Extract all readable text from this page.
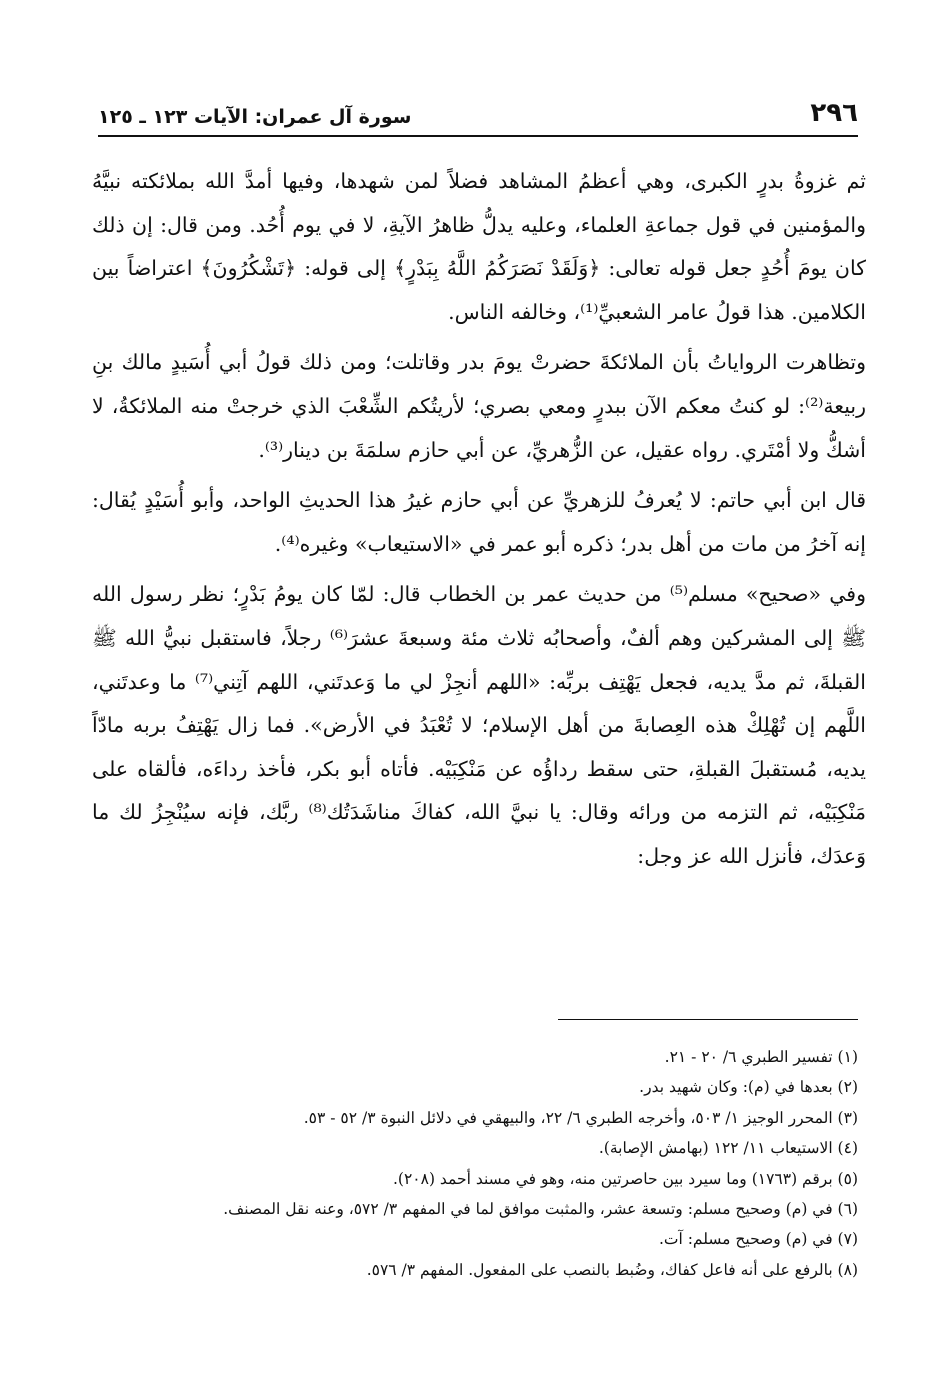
٢٩٦
سورة آل عمران: الآيات ١٢٣ ـ ١٢٥

ثم غزوةُ بدرٍ الكبرى، وهي أعظمُ المشاهد فضلاً لمن شهدها، وفيها أمدَّ الله بملائكته نبيَّهُ والمؤمنين في قول جماعةِ العلماء، وعليه يدلُّ ظاهرُ الآيةِ، لا في يوم أُحُد. ومن قال: إن ذلك كان يومَ أُحُدٍ جعل قوله تعالى: ﴿وَلَقَدْ نَصَرَكُمُ اللَّهُ بِبَدْرٍ﴾ إلى قوله: ﴿تَشْكُرُونَ﴾ اعتراضاً بين الكلامين. هذا قولُ عامر الشعبيِّ⁽¹⁾، وخالفه الناس.

وتظاهرت الرواياتُ بأن الملائكةَ حضرتْ يومَ بدر وقاتلت؛ ومن ذلك قولُ أبي أُسَيدٍ مالك بنِ ربيعة⁽²⁾: لو كنتُ معكم الآن ببدرٍ ومعي بصري؛ لأريتُكم الشِّعْبَ الذي خرجتْ منه الملائكةُ، لا أشكُّ ولا أمْتَري. رواه عقيل، عن الزُّهريِّ، عن أبي حازم سلمَةَ بن دينار⁽³⁾.

قال ابن أبي حاتم: لا يُعرفُ للزهريِّ عن أبي حازم غيرُ هذا الحديثِ الواحد، وأبو أُسَيْدٍ يُقال: إنه آخرُ من مات من أهل بدر؛ ذكره أبو عمر في «الاستيعاب» وغيره⁽⁴⁾.

وفي «صحيح» مسلم⁽⁵⁾ من حديث عمر بن الخطاب قال: لمّا كان يومُ بَدْرٍ؛ نظر رسول الله ﷺ إلى المشركين وهم ألفٌ، وأصحابُه ثلاث مئة وسبعةَ عشرَ⁽⁶⁾ رجلاً، فاستقبل نبيُّ الله ﷺ القبلةَ، ثم مدَّ يديه، فجعل يَهْتِف بربِّه: «اللهم أنجِزْ لي ما وَعدتَني، اللهم آتِني⁽⁷⁾ ما وعدتَني، اللَّهم إن تُهْلِكْ هذه العِصابةَ من أهل الإسلام؛ لا تُعْبَدُ في الأرض». فما زال يَهْتِفُ بربه مادّاً يديه، مُستقبلَ القبلةِ، حتى سقط رداؤُه عن مَنْكِبَيْه. فأتاه أبو بكر، فأخذ رداءَه، فألقاه على مَنْكِبَيْه، ثم التزمه من ورائه وقال: يا نبيَّ الله، كفاكَ مناشَدَتُك⁽⁸⁾ ربَّك، فإنه سيُنْجِزُ لك ما وَعدَك، فأنزل الله عز وجل:

(١) تفسير الطبري ٦/ ٢٠ - ٢١.

(٢) بعدها في (م): وكان شهيد بدر.

(٣) المحرر الوجيز ١/ ٥٠٣، وأخرجه الطبري ٦/ ٢٢، والبيهقي في دلائل النبوة ٣/ ٥٢ - ٥٣.

(٤) الاستيعاب ١١/ ١٢٢ (بهامش الإصابة).

(٥) برقم (١٧٦٣) وما سيرد بين حاصرتين منه، وهو في مسند أحمد (٢٠٨).

(٦) في (م) وصحيح مسلم: وتسعة عشر، والمثبت موافق لما في المفهم ٣/ ٥٧٢، وعنه نقل المصنف.

(٧) في (م) وصحيح مسلم: آت.

(٨) بالرفع على أنه فاعل كفاك، وضُبط بالنصب على المفعول. المفهم ٣/ ٥٧٦.
